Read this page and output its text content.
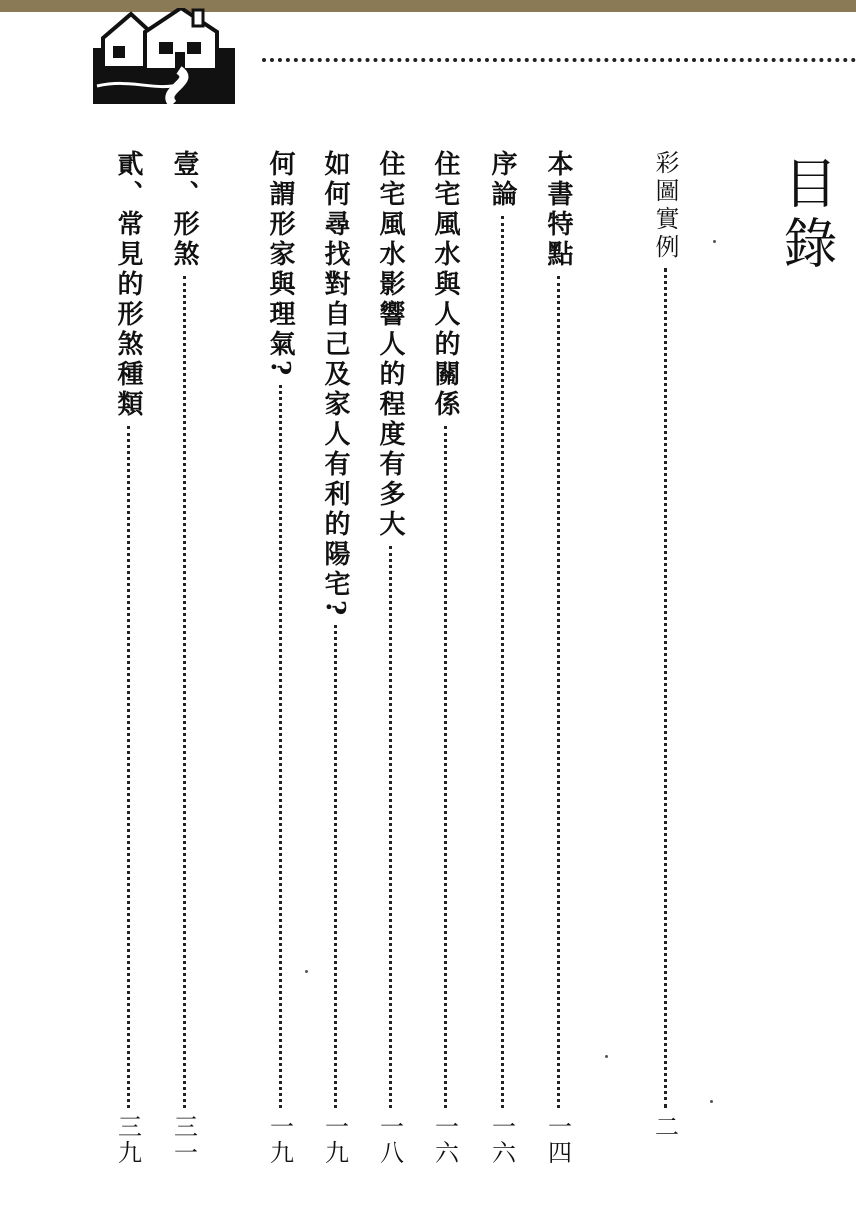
目錄
彩圖實例
二
本書特點
一四
序論
一六
住宅風水與人的關係
一六
住宅風水影響人的程度有多大
一八
如何尋找對自己及家人有利的陽宅?
一九
何謂形家與理氣?
一九
壹、形煞
三一
貳、常見的形煞種類
三九
